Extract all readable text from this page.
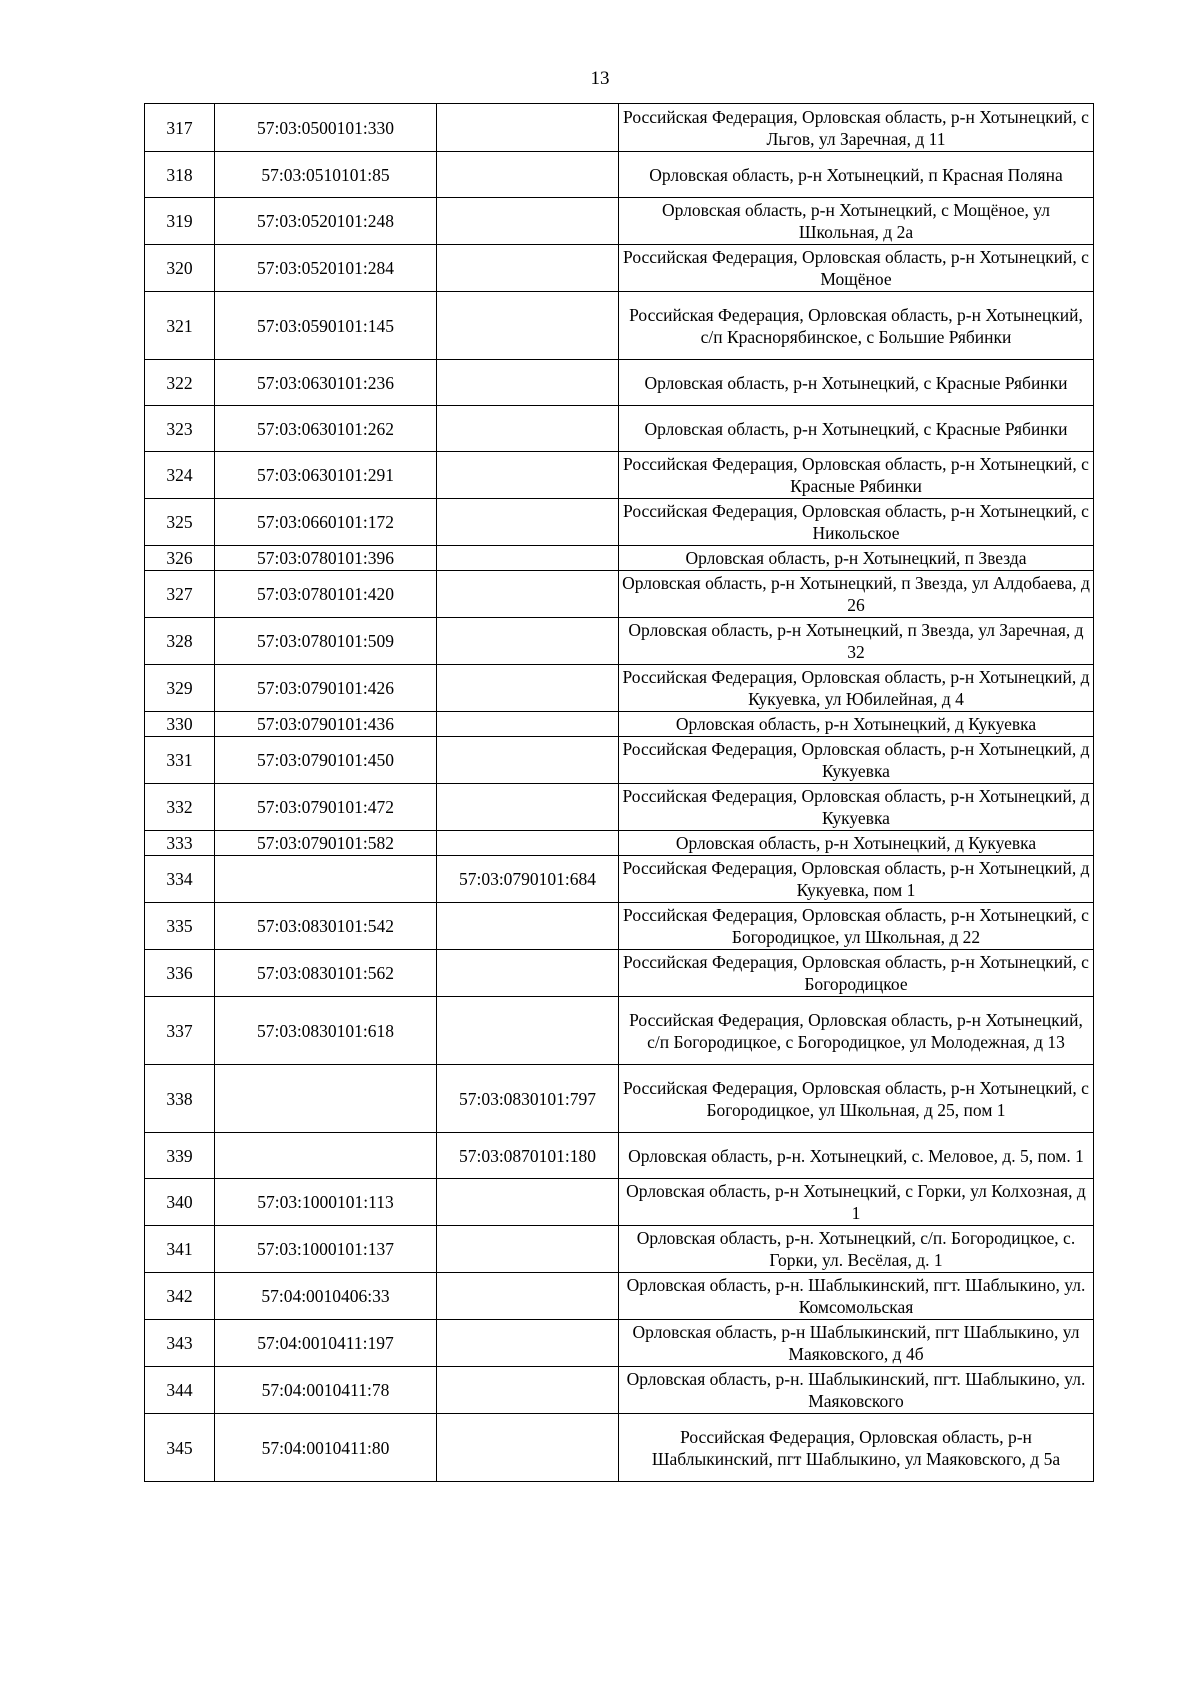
13
317	57:03:0500101:330		Российская Федерация, Орловская область, р-н Хотынецкий, с Льгов, ул Заречная, д 11
318	57:03:0510101:85		Орловская область, р-н Хотынецкий, п Красная Поляна
319	57:03:0520101:248		Орловская область, р-н Хотынецкий, с Мощёное, ул Школьная, д 2а
320	57:03:0520101:284		Российская Федерация, Орловская область, р-н Хотынецкий, с Мощёное
321	57:03:0590101:145		Российская Федерация, Орловская область, р-н Хотынецкий, с/п Краснорябинское, с Большие Рябинки
322	57:03:0630101:236		Орловская область, р-н Хотынецкий, с Красные Рябинки
323	57:03:0630101:262		Орловская область, р-н Хотынецкий, с Красные Рябинки
324	57:03:0630101:291		Российская Федерация, Орловская область, р-н Хотынецкий, с Красные Рябинки
325	57:03:0660101:172		Российская Федерация, Орловская область, р-н Хотынецкий, с Никольское
326	57:03:0780101:396		Орловская область, р-н Хотынецкий, п Звезда
327	57:03:0780101:420		Орловская область, р-н Хотынецкий, п Звезда, ул Алдобаева, д 26
328	57:03:0780101:509		Орловская область, р-н Хотынецкий, п Звезда, ул Заречная, д 32
329	57:03:0790101:426		Российская Федерация, Орловская область, р-н Хотынецкий, д Кукуевка, ул Юбилейная, д 4
330	57:03:0790101:436		Орловская область, р-н Хотынецкий, д Кукуевка
331	57:03:0790101:450		Российская Федерация, Орловская область, р-н Хотынецкий, д Кукуевка
332	57:03:0790101:472		Российская Федерация, Орловская область, р-н Хотынецкий, д Кукуевка
333	57:03:0790101:582		Орловская область, р-н Хотынецкий, д Кукуевка
334		57:03:0790101:684	Российская Федерация, Орловская область, р-н Хотынецкий, д Кукуевка, пом 1
335	57:03:0830101:542		Российская Федерация, Орловская область, р-н Хотынецкий, с Богородицкое, ул Школьная, д 22
336	57:03:0830101:562		Российская Федерация, Орловская область, р-н Хотынецкий, с Богородицкое
337	57:03:0830101:618		Российская Федерация, Орловская область, р-н Хотынецкий, с/п Богородицкое, с Богородицкое, ул Молодежная, д 13
338		57:03:0830101:797	Российская Федерация, Орловская область, р-н Хотынецкий, с Богородицкое, ул Школьная, д 25, пом 1
339		57:03:0870101:180	Орловская область, р-н. Хотынецкий, с. Меловое, д. 5, пом. 1
340	57:03:1000101:113		Орловская область, р-н Хотынецкий, с Горки, ул Колхозная, д 1
341	57:03:1000101:137		Орловская область, р-н. Хотынецкий, с/п. Богородицкое, с. Горки, ул. Весёлая, д. 1
342	57:04:0010406:33		Орловская область, р-н. Шаблыкинский, пгт. Шаблыкино, ул. Комсомольская
343	57:04:0010411:197		Орловская область, р-н Шаблыкинский, пгт Шаблыкино, ул Маяковского, д 4б
344	57:04:0010411:78		Орловская область, р-н. Шаблыкинский, пгт. Шаблыкино, ул. Маяковского
345	57:04:0010411:80		Российская Федерация, Орловская область, р-н Шаблыкинский, пгт Шаблыкино, ул Маяковского, д 5а
